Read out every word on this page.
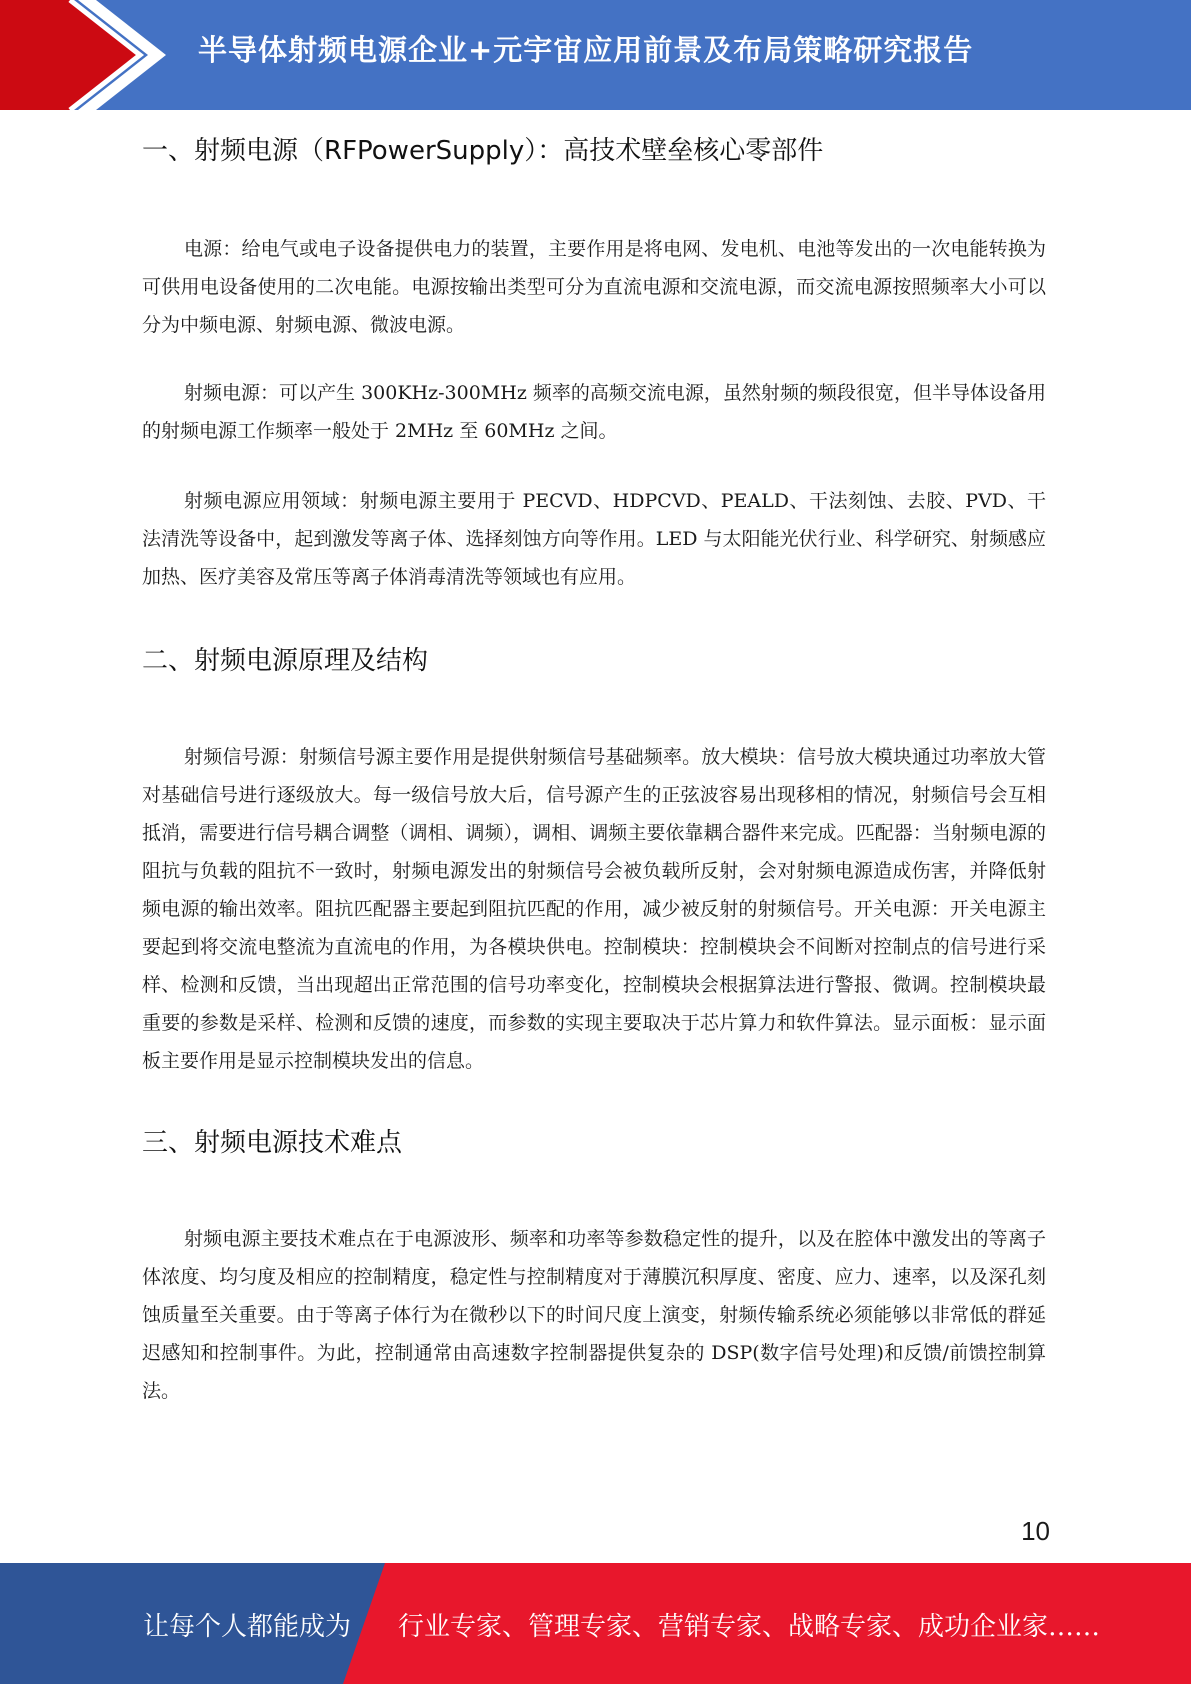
半导体射频电源企业+元宇宙应用前景及布局策略研究报告
一、射频电源（RFPowerSupply）：高技术壁垒核心零部件

电源：给电气或电子设备提供电力的装置，主要作用是将电网、发电机、电池等发出的一次电能转换为可供用电设备使用的二次电能。电源按输出类型可分为直流电源和交流电源，而交流电源按照频率大小可以分为中频电源、射频电源、微波电源。

射频电源：可以产生 300KHz-300MHz 频率的高频交流电源，虽然射频的频段很宽，但半导体设备用的射频电源工作频率一般处于 2MHz 至 60MHz 之间。

射频电源应用领域：射频电源主要用于 PECVD、HDPCVD、PEALD、干法刻蚀、去胶、PVD、干法清洗等设备中，起到激发等离子体、选择刻蚀方向等作用。LED 与太阳能光伏行业、科学研究、射频感应加热、医疗美容及常压等离子体消毒清洗等领域也有应用。

二、射频电源原理及结构

射频信号源：射频信号源主要作用是提供射频信号基础频率。放大模块：信号放大模块通过功率放大管对基础信号进行逐级放大。每一级信号放大后，信号源产生的正弦波容易出现移相的情况，射频信号会互相抵消，需要进行信号耦合调整（调相、调频），调相、调频主要依靠耦合器件来完成。匹配器：当射频电源的阻抗与负载的阻抗不一致时，射频电源发出的射频信号会被负载所反射，会对射频电源造成伤害，并降低射频电源的输出效率。阻抗匹配器主要起到阻抗匹配的作用，减少被反射的射频信号。开关电源：开关电源主要起到将交流电整流为直流电的作用，为各模块供电。控制模块：控制模块会不间断对控制点的信号进行采样、检测和反馈，当出现超出正常范围的信号功率变化，控制模块会根据算法进行警报、微调。控制模块最重要的参数是采样、检测和反馈的速度，而参数的实现主要取决于芯片算力和软件算法。显示面板：显示面板主要作用是显示控制模块发出的信息。

三、射频电源技术难点

射频电源主要技术难点在于电源波形、频率和功率等参数稳定性的提升，以及在腔体中激发出的等离子体浓度、均匀度及相应的控制精度，稳定性与控制精度对于薄膜沉积厚度、密度、应力、速率，以及深孔刻蚀质量至关重要。由于等离子体行为在微秒以下的时间尺度上演变，射频传输系统必须能够以非常低的群延迟感知和控制事件。为此，控制通常由高速数字控制器提供复杂的 DSP(数字信号处理)和反馈/前馈控制算法。

10
让每个人都能成为 行业专家、管理专家、营销专家、战略专家、成功企业家……
